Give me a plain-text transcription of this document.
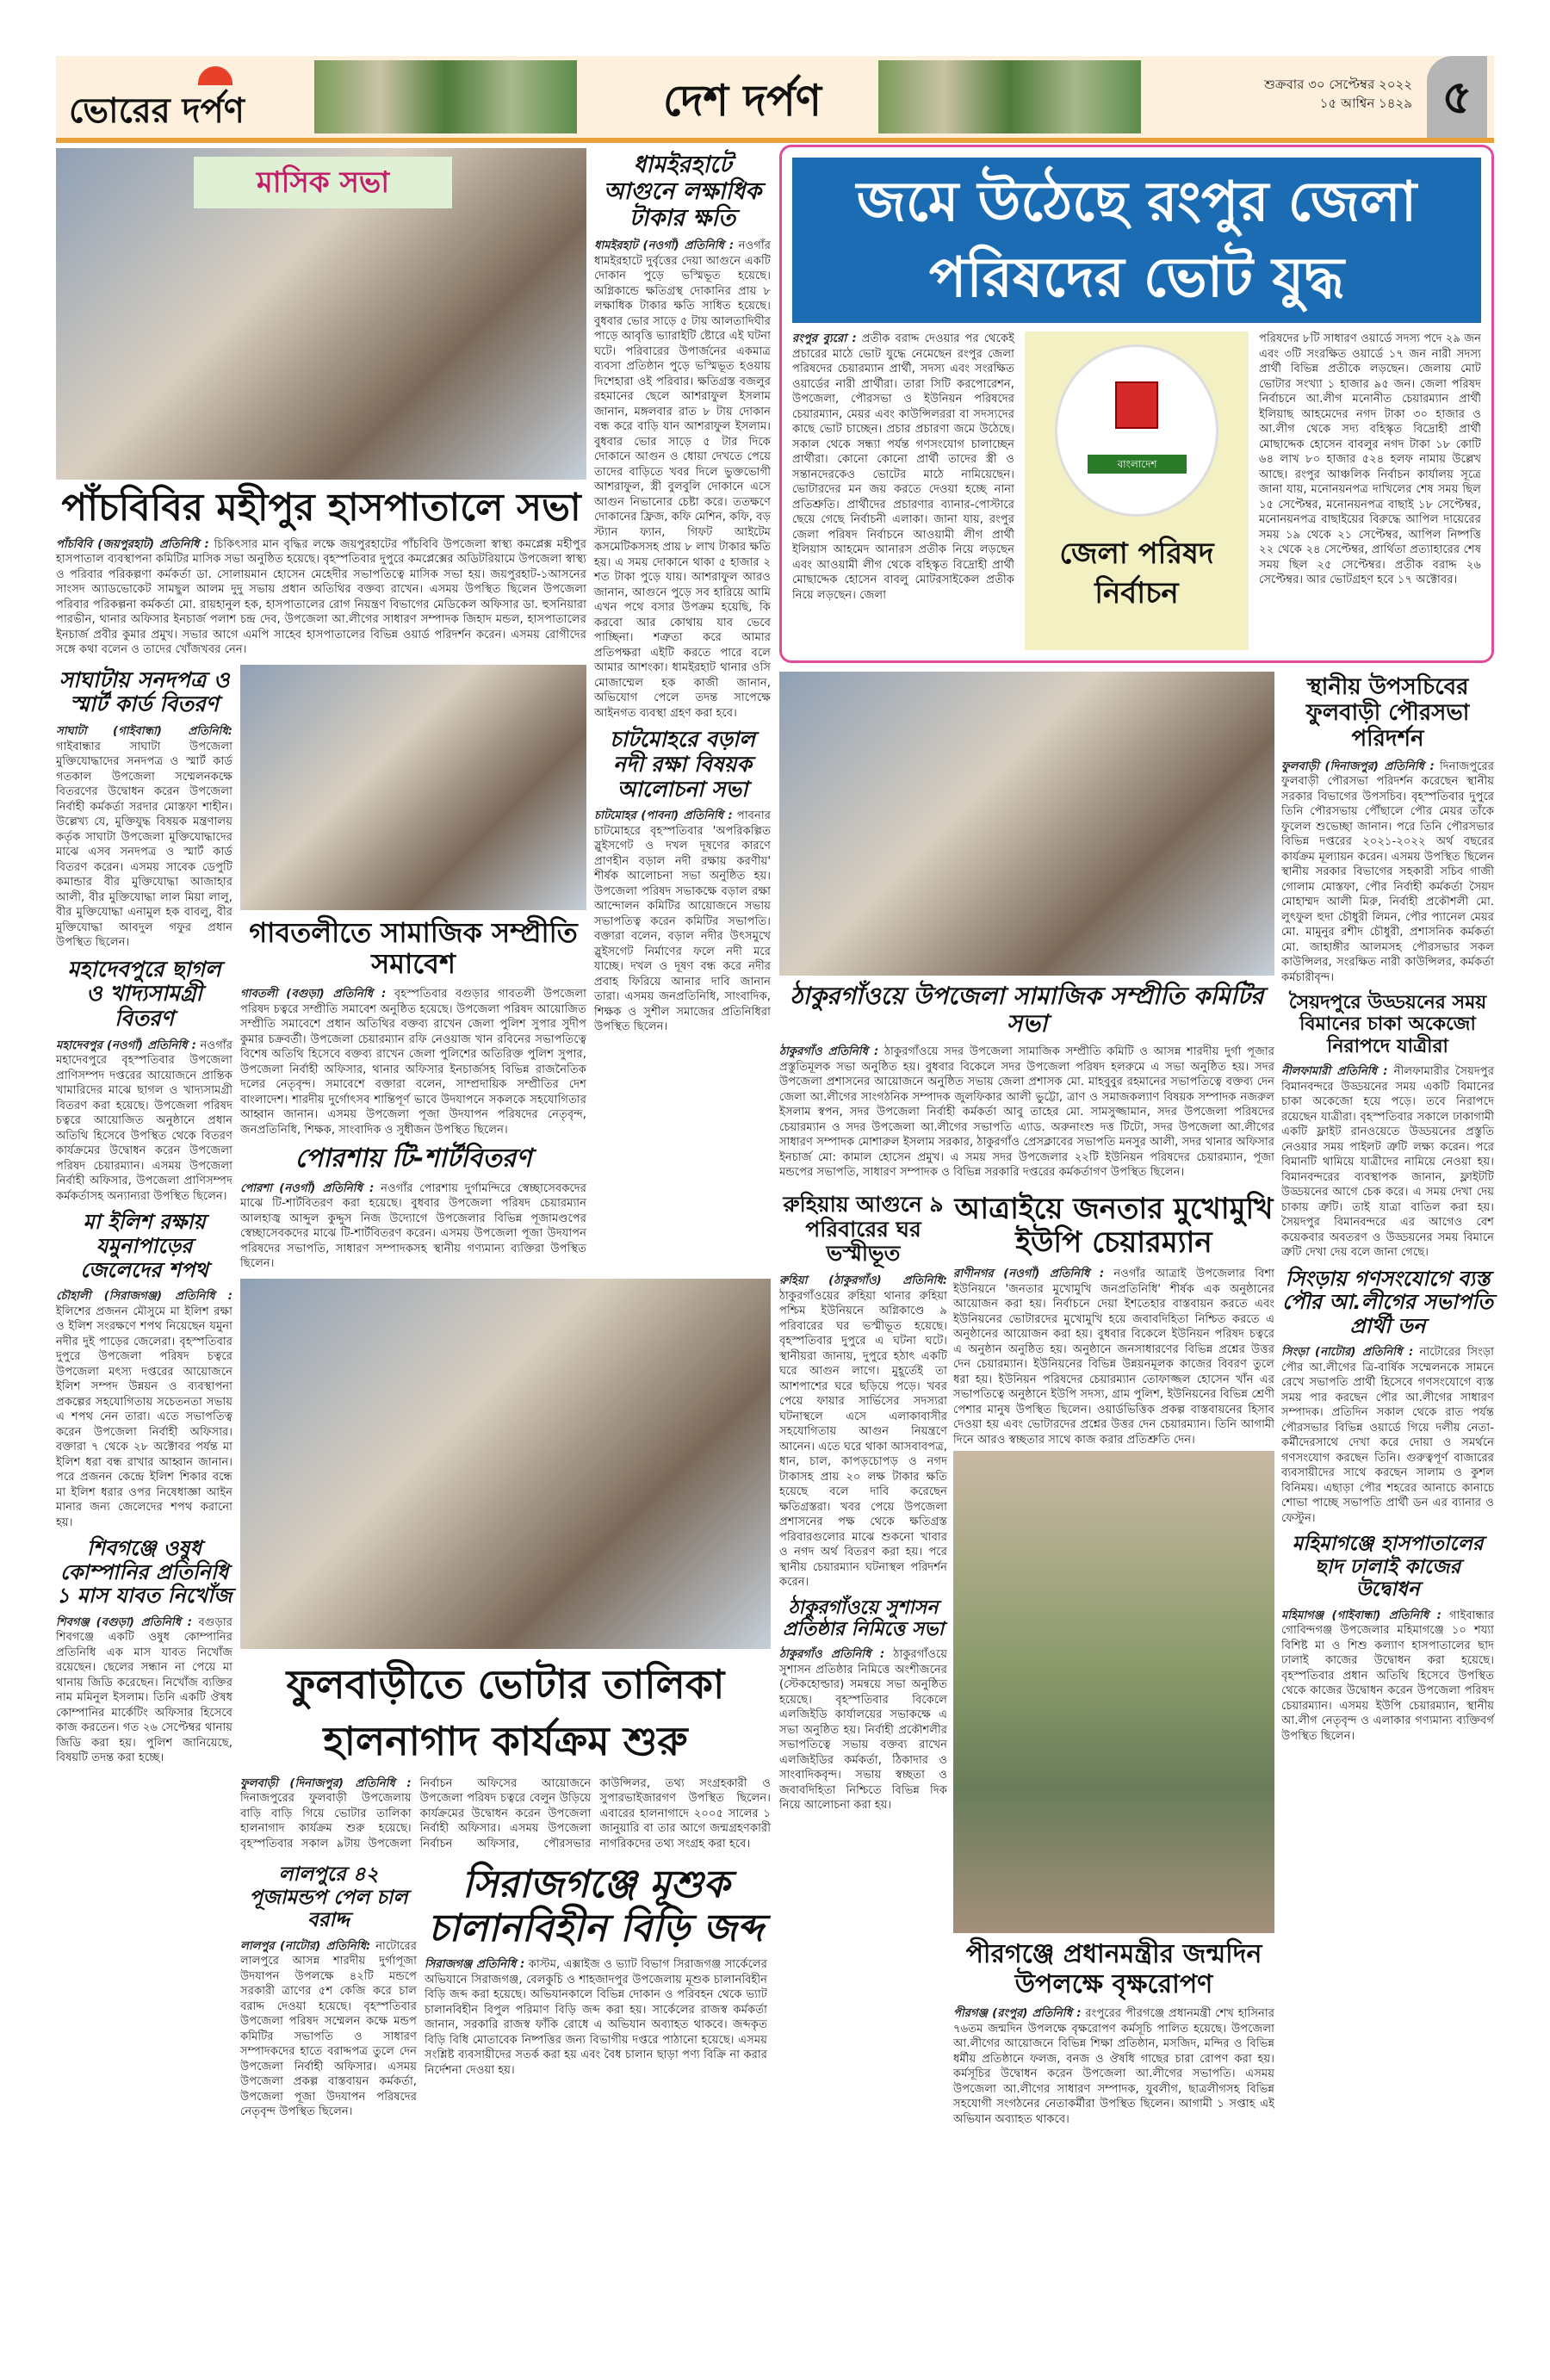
ভোরের দর্পণ	দেশ দর্পণ	শুক্রবার ৩০ সেপ্টেম্বর ২০২২
১৫ আশ্বিন ১৪২৯ ৫
মাসিক সভা
পাঁচবিবির মহীপুর হাসপাতালে সভা
পাঁচবিবি (জয়পুরহাট) প্রতিনিধি : চিকিৎসার মান বৃদ্ধির লক্ষে জয়পুরহাটের পাঁচবিবি উপজেলা স্বাস্থ্য কমপ্লেক্স মহীপুর হাসপাতাল ব্যবস্থাপনা কমিটির মাসিক সভা অনুষ্ঠিত হয়েছে। বৃহস্পতিবার দুপুরে কমপ্লেক্সের অডিটরিয়ামে উপজেলা স্বাস্থ্য ও পরিবার পরিকল্পণা কর্মকর্তা ডা. সোলায়মান হোসেন মেহেদীর সভাপতিত্বে মাসিক সভা হয়। জয়পুরহাট-১আসনের সাংসদ অ্যাডভোকেট সামছুল আলম দুদু সভায় প্রধান অতিথির বক্তব্য রাখেন। এসময় উপস্থিত ছিলেন উপজেলা পরিবার পরিকল্পনা কর্মকর্তা মো. রায়হানুল হক, হাসপাতালের রোগ নিয়ন্ত্রণ বিভাগের মেডিকেল অফিসার ডা. হুসনিয়ারা পারভীন, থানার অফিসার ইনচার্জ পলাশ চন্দ্র দেব, উপজেলা আ.লীগের সাধারণ সম্পাদক জিহাদ মন্ডল, হাসপাতালের ইনচার্জ প্রবীর কুমার প্রমুখ। সভার আগে এমপি সাহেব হাসপাতালের বিভিন্ন ওয়ার্ড পরিদর্শন করেন। এসময় রোগীদের সঙ্গে কথা বলেন ও তাদের খোঁজখবর নেন।
ধামইরহাটে আগুনে লক্ষাধিক টাকার ক্ষতি
ধামইরহাট (নওগাঁ) প্রতিনিধি : নওগাঁর ধামইরহাটে দুর্বৃত্তের দেয়া আগুনে একটি দোকান পুড়ে ভস্মিভূত হয়েছে। অগ্নিকান্ডে ক্ষতিগ্রস্থ দোকানির প্রায় ৮ লক্ষাধিক টাকার ক্ষতি সাধিত হয়েছে। বুধবার ভোর সাড়ে ৫ টায় আলতাদিঘীর পাড়ে আবৃত্তি ভ্যারাইটি ষ্টোরে এই ঘটনা ঘটে। পরিবারের উপার্জনের একমাত্র ব্যবসা প্রতিষ্ঠান পুড়ে ভস্মিভূত হওয়ায় দিশেহারা ওই পরিবার। ক্ষতিগ্রস্ত বজলুর রহমানের ছেলে আশরাফুল ইসলাম জানান, মঙ্গলবার রাত ৮ টায় দোকান বন্ধ করে বাড়ি যান আশরাফুল ইসলাম। বুধবার ভোর সাড়ে ৫ টার দিকে দোকানে আগুন ও ধোয়া দেখতে পেয়ে তাদের বাড়িতে খবর দিলে ভুক্তভোগী আশরাফুল, স্ত্রী বুলবুলি দোকানে এসে আগুন নিভানোর চেষ্টা করে। ততক্ষণে দোকানের ফ্রিজ, কফি মেশিন, কফি, বড় স্ট্যান ফ্যান, গিফট আইটেম কসমেটিকসসহ প্রায় ৮ লাখ টাকার ক্ষতি হয়। এ সময় দোকানে থাকা ৫ হাজার ২ শত টাকা পুড়ে যায়। আশরাফুল আরও জানান, আগুনে পুড়ে সব হারিয়ে আমি এখন পথে বসার উপক্রম হয়েছি, কি করবো আর কোথায় যাব ভেবে পাচ্ছিনা। শত্রুতা করে আমার প্রতিপক্ষরা এইটি করতে পারে বলে আমার আশংকা। ধামইরহাট থানার ওসি মোজাম্মেল হক কাজী জানান, অভিযোগ পেলে তদন্ত সাপেক্ষে আইনগত ব্যবস্থা গ্রহণ করা হবে।
চাটমোহরে বড়াল নদী রক্ষা বিষয়ক আলোচনা সভা
চাটমোহর (পাবনা) প্রতিনিধি : পাবনার চাটমোহরে বৃহস্পতিবার 'অপরিকল্পিত স্লুইসগেট ও দখল দূষণের কারণে প্রাণহীন বড়াল নদী রক্ষায় করণীয়' শীর্ষক আলোচনা সভা অনুষ্ঠিত হয়। উপজেলা পরিষদ সভাকক্ষে বড়াল রক্ষা আন্দোলন কমিটির আয়োজনে সভায় সভাপতিত্ব করেন কমিটির সভাপতি। বক্তারা বলেন, বড়াল নদীর উৎসমুখে স্লুইসগেট নির্মাণের ফলে নদী মরে যাচ্ছে। দখল ও দূষণ বন্ধ করে নদীর প্রবাহ ফিরিয়ে আনার দাবি জানান তারা। এসময় জনপ্রতিনিধি, সাংবাদিক, শিক্ষক ও সুশীল সমাজের প্রতিনিধিরা উপস্থিত ছিলেন।
সাঘাটায় সনদপত্র ও স্মার্ট কার্ড বিতরণ
সাঘাটা (গাইবান্ধা) প্রতিনিধি: গাইবান্ধার সাঘাটা উপজেলা মুক্তিযোদ্ধাদের সনদপত্র ও স্মার্ট কার্ড গতকাল উপজেলা সম্মেলনকক্ষে বিতরণের উদ্বোধন করেন উপজেলা নির্বাহী কর্মকর্তা সরদার মোস্তফা শাহীন। উল্লেখ্য যে, মুক্তিযুদ্ধ বিষয়ক মন্ত্রণালয় কর্তৃক সাঘাটা উপজেলা মুক্তিযোদ্ধাদের মাঝে এসব সনদপত্র ও স্মার্ট কার্ড বিতরণ করেন। এসময় সাবেক ডেপুটি কমান্ডার বীর মুক্তিযোদ্ধা আজাহার আলী, বীর মুক্তিযোদ্ধা লাল মিয়া লালু, বীর মুক্তিযোদ্ধা এনামুল হক বাবলু, বীর মুক্তিযোদ্ধা আবদুল গফুর প্রধান উপস্থিত ছিলেন।
মহাদেবপুরে ছাগল ও খাদ্যসামগ্রী বিতরণ
মহাদেবপুর (নওগাঁ) প্রতিনিধি : নওগাঁর মহাদেবপুরে বৃহস্পতিবার উপজেলা প্রাণিসম্পদ দপ্তরের আয়োজনে প্রান্তিক খামারিদের মাঝে ছাগল ও খাদ্যসামগ্রী বিতরণ করা হয়েছে। উপজেলা পরিষদ চত্বরে আয়োজিত অনুষ্ঠানে প্রধান অতিথি হিসেবে উপস্থিত থেকে বিতরণ কার্যক্রমের উদ্বোধন করেন উপজেলা পরিষদ চেয়ারম্যান। এসময় উপজেলা নির্বাহী অফিসার, উপজেলা প্রাণিসম্পদ কর্মকর্তাসহ অন্যান্যরা উপস্থিত ছিলেন।
মা ইলিশ রক্ষায় যমুনাপাড়ের জেলেদের শপথ
চৌহালী (সিরাজগঞ্জ) প্রতিনিধি : ইলিশের প্রজনন মৌসুমে মা ইলিশ রক্ষা ও ইলিশ সংরক্ষণে শপথ নিয়েছেন যমুনা নদীর দুই পাড়ের জেলেরা। বৃহস্পতিবার দুপুরে উপজেলা পরিষদ চত্বরে উপজেলা মৎস্য দপ্তরের আয়োজনে ইলিশ সম্পদ উন্নয়ন ও ব্যবস্থাপনা প্রকল্পের সহযোগিতায় সচেতনতা সভায় এ শপথ নেন তারা। এতে সভাপতিত্ব করেন উপজেলা নির্বাহী অফিসার। বক্তারা ৭ থেকে ২৮ অক্টোবর পর্যন্ত মা ইলিশ ধরা বন্ধ রাখার আহ্বান জানান। পরে প্রজনন কেন্দ্রে ইলিশ শিকার বন্ধে মা ইলিশ ধরার ওপর নিষেধাজ্ঞা আইন মানার জন্য জেলেদের শপথ করানো হয়।
শিবগঞ্জে ওষুধ কোম্পানির প্রতিনিধি ১ মাস যাবত নিখোঁজ
শিবগঞ্জ (বগুড়া) প্রতিনিধি : বগুড়ার শিবগঞ্জে একটি ওষুধ কোম্পানির প্রতিনিধি এক মাস যাবত নিখোঁজ রয়েছেন। ছেলের সন্ধান না পেয়ে মা থানায় জিডি করেছেন। নিখোঁজ ব্যক্তির নাম মমিনুল ইসলাম। তিনি একটি ঔষধ কোম্পানির মার্কেটিং অফিসার হিসেবে কাজ করতেন। গত ২৬ সেপ্টেম্বর থানায় জিডি করা হয়। পুলিশ জানিয়েছে, বিষয়টি তদন্ত করা হচ্ছে।
গাবতলীতে সামাজিক সম্প্রীতি সমাবেশ
গাবতলী (বগুড়া) প্রতিনিধি : বৃহস্পতিবার বগুড়ার গাবতলী উপজেলা পরিষদ চত্বরে সম্প্রীতি সমাবেশ অনুষ্ঠিত হয়েছে। উপজেলা পরিষদ আয়োজিত সম্প্রীতি সমাবেশে প্রধান অতিথির বক্তব্য রাখেন জেলা পুলিশ সুপার সুদীপ কুমার চক্রবর্তী। উপজেলা চেয়ারম্যান রফি নেওয়াজ খান রবিনের সভাপতিত্বে বিশেষ অতিথি হিসেবে বক্তব্য রাখেন জেলা পুলিশের অতিরিক্ত পুলিশ সুপার, উপজেলা নির্বাহী অফিসার, থানার অফিসার ইনচার্জসহ বিভিন্ন রাজনৈতিক দলের নেতৃবৃন্দ। সমাবেশে বক্তারা বলেন, সাম্প্রদায়িক সম্প্রীতির দেশ বাংলাদেশ। শারদীয় দুর্গোৎসব শান্তিপূর্ণ ভাবে উদযাপনে সকলকে সহযোগিতার আহ্বান জানান। এসময় উপজেলা পূজা উদযাপন পরিষদের নেতৃবৃন্দ, জনপ্রতিনিধি, শিক্ষক, সাংবাদিক ও সুধীজন উপস্থিত ছিলেন।
পোরশায় টি-শার্টবিতরণ
পোরশা (নওগাঁ) প্রতিনিধি : নওগাঁর পোরশায় দুর্গামন্দিরে স্বেচ্ছাসেবকদের মাঝে টি-শার্টবিতরণ করা হয়েছে। বুধবার উপজেলা পরিষদ চেয়ারম্যান আলহাজ্ব আব্দুল কুদ্দুস নিজ উদ্যোগে উপজেলার বিভিন্ন পূজামণ্ডপের স্বেচ্ছাসেবকদের মাঝে টি-শার্টবিতরণ করেন। এসময় উপজেলা পূজা উদযাপন পরিষদের সভাপতি, সাধারণ সম্পাদকসহ স্থানীয় গণ্যমান্য ব্যক্তিরা উপস্থিত ছিলেন।
ফুলবাড়ীতে ভোটার তালিকা হালনাগাদ কার্যক্রম শুরু
ফুলবাড়ী (দিনাজপুর) প্রতিনিধি : দিনাজপুরের ফুলবাড়ী উপজেলায় বাড়ি বাড়ি গিয়ে ভোটার তালিকা হালনাগাদ কার্যক্রম শুরু হয়েছে। বৃহস্পতিবার সকাল ৯টায় উপজেলা নির্বাচন অফিসের আয়োজনে উপজেলা পরিষদ চত্বরে বেলুন উড়িয়ে কার্যক্রমের উদ্বোধন করেন উপজেলা নির্বাহী অফিসার। এসময় উপজেলা নির্বাচন অফিসার, পৌরসভার কাউন্সিলর, তথ্য সংগ্রহকারী ও সুপারভাইজারগণ উপস্থিত ছিলেন। এবারের হালনাগাদে ২০০৫ সালের ১ জানুয়ারি বা তার আগে জন্মগ্রহণকারী নাগরিকদের তথ্য সংগ্রহ করা হবে।
লালপুরে ৪২ পূজামন্ডপ পেল চাল বরাদ্দ
লালপুর (নাটোর) প্রতিনিধি: নাটোরের লালপুরে আসন্ন শারদীয় দুর্গাপূজা উদযাপন উপলক্ষে ৪২টি মন্ডপে সরকারী ত্রাণের ৫শ কেজি করে চাল বরাদ্দ দেওয়া হয়েছে। বৃহস্পতিবার উপজেলা পরিষদ সম্মেলন কক্ষে মন্ডপ কমিটির সভাপতি ও সাধারণ সম্পাদকদের হাতে বরাদ্দপত্র তুলে দেন উপজেলা নির্বাহী অফিসার। এসময় উপজেলা প্রকল্প বাস্তবায়ন কর্মকর্তা, উপজেলা পূজা উদযাপন পরিষদের নেতৃবৃন্দ উপস্থিত ছিলেন।
সিরাজগঞ্জে মূশুক চালানবিহীন বিড়ি জব্দ
সিরাজগঞ্জ প্রতিনিধি : কাস্টম, এক্সাইজ ও ভ্যাট বিভাগ সিরাজগঞ্জ সার্কেলের অভিযানে সিরাজগঞ্জ, বেলকুচি ও শাহজাদপুর উপজেলায় মূশুক চালানবিহীন বিড়ি জব্দ করা হয়েছে। অভিযানকালে বিভিন্ন দোকান ও পরিবহন থেকে ভ্যাট চালানবিহীন বিপুল পরিমাণ বিড়ি জব্দ করা হয়। সার্কেলের রাজস্ব কর্মকর্তা জানান, সরকারি রাজস্ব ফাঁকি রোধে এ অভিযান অব্যাহত থাকবে। জব্দকৃত বিড়ি বিধি মোতাবেক নিষ্পত্তির জন্য বিভাগীয় দপ্তরে পাঠানো হয়েছে। এসময় সংশ্লিষ্ট ব্যবসায়ীদের সতর্ক করা হয় এবং বৈধ চালান ছাড়া পণ্য বিক্রি না করার নির্দেশনা দেওয়া হয়।
জমে উঠেছে রংপুর জেলা পরিষদের ভোট যুদ্ধ
রংপুর ব্যুরো : প্রতীক বরাদ্দ দেওয়ার পর থেকেই প্রচারের মাঠে ভোট যুদ্ধে নেমেছেন রংপুর জেলা পরিষদের চেয়ারম্যান প্রার্থী, সদস্য এবং সংরক্ষিত ওয়ার্ডের নারী প্রার্থীরা। তারা সিটি করপোরেশন, উপজেলা, পৌরসভা ও ইউনিয়ন পরিষদের চেয়ারম্যান, মেয়র এবং কাউন্সিলররা বা সদস্যদের কাছে ভোট চাচ্ছেন। প্রচার প্রচারণা জমে উঠেছে। সকাল থেকে সন্ধ্যা পর্যন্ত গণসংযোগ চালাচ্ছেন প্রার্থীরা। কোনো কোনো প্রার্থী তাদের স্ত্রী ও সন্তানদেরকেও ভোটের মাঠে নামিয়েছেন। ভোটারদের মন জয় করতে দেওয়া হচ্ছে নানা প্রতিশ্রুতি। প্রার্থীদের প্রচারণার ব্যানার-পোস্টারে ছেয়ে গেছে নির্বাচনী এলাকা। জানা যায়, রংপুর জেলা পরিষদ নির্বাচনে আওয়ামী লীগ প্রার্থী ইলিয়াস আহমেদ আনারস প্রতীক নিয়ে লড়ছেন এবং আওয়ামী লীগ থেকে বহিস্কৃত বিদ্রোহী প্রার্থী মোছাদ্দেক হোসেন বাবলু মোটরসাইকেল প্রতীক নিয়ে লড়ছেন। জেলা
বাংলাদেশ
জেলা পরিষদ নির্বাচন
পরিষদের ৮টি সাধারণ ওয়ার্ডে সদস্য পদে ২৯ জন এবং ৩টি সংরক্ষিত ওয়ার্ডে ১৭ জন নারী সদস্য প্রার্থী বিভিন্ন প্রতীকে লড়ছেন। জেলায় মোট ভোটার সংখ্যা ১ হাজার ৯৫ জন। জেলা পরিষদ নির্বাচনে আ.লীগ মনোনীত চেয়ারম্যান প্রার্থী ইলিয়াছ আহমেদের নগদ টাকা ৩০ হাজার ও আ.লীগ থেকে সদ্য বহিস্কৃত বিদ্রোহী প্রার্থী মোছাদ্দেক হোসেন বাবলুর নগদ টাকা ১৮ কোটি ৬৪ লাখ ৮০ হাজার ৫২৪ হলফ নামায় উল্লেখ আছে। রংপুর আঞ্চলিক নির্বাচন কার্যালয় সূত্রে জানা যায়, মনোনয়নপত্র দাখিলের শেষ সময় ছিল ১৫ সেপ্টেম্বর, মনোনয়নপত্র বাছাই ১৮ সেপ্টেম্বর, মনোনয়নপত্র বাছাইয়ের বিরুদ্ধে আপিল দায়েরের সময় ১৯ থেকে ২১ সেপ্টেম্বর, আপিল নিষ্পত্তি ২২ থেকে ২৪ সেপ্টেম্বর, প্রার্থিতা প্রত্যাহারের শেষ সময় ছিল ২৫ সেপ্টেম্বর। প্রতীক বরাদ্দ ২৬ সেপ্টেম্বর। আর ভোটগ্রহণ হবে ১৭ অক্টোবর।
ঠাকুরগাঁওয়ে উপজেলা সামাজিক সম্প্রীতি কমিটির সভা
ঠাকুরগাঁও প্রতিনিধি : ঠাকুরগাঁওয়ে সদর উপজেলা সামাজিক সম্প্রীতি কমিটি ও আসন্ন শারদীয় দুর্গা পূজার প্রস্তুতিমূলক সভা অনুষ্ঠিত হয়। বুধবার বিকেলে সদর উপজেলা পরিষদ হলরুমে এ সভা অনুষ্ঠিত হয়। সদর উপজেলা প্রশাসনের আয়োজনে অনুষ্ঠিত সভায় জেলা প্রশাসক মো. মাহবুবুর রহমানের সভাপতিত্বে বক্তব্য দেন জেলা আ.লীগের সাংগঠনিক সম্পাদক জুলফিকার আলী ভুট্টো, ত্রাণ ও সমাজকল্যাণ বিষয়ক সম্পাদক নজরুল ইসলাম স্বপন, সদর উপজেলা নির্বাহী কর্মকর্তা আবু তাহের মো. সামসুজ্জামান, সদর উপজেলা পরিষদের চেয়ারম্যান ও সদর উপজেলা আ.লীগের সভাপতি এ্যাড. অরুনাংশু দত্ত টিটো, সদর উপজেলা আ.লীগের সাধারণ সম্পাদক মোশারুল ইসলাম সরকার, ঠাকুরগাঁও প্রেসক্লাবের সভাপতি মনসুর আলী, সদর থানার অফিসার ইনচার্জ মো: কামাল হোসেন প্রমুখ। এ সময় সদর উপজেলার ২২টি ইউনিয়ন পরিষদের চেয়ারম্যান, পূজা মন্ডপের সভাপতি, সাধারণ সম্পাদক ও বিভিন্ন সরকারি দপ্তরের কর্মকর্তাগণ উপস্থিত ছিলেন।
রুহিয়ায় আগুনে ৯ পরিবারের ঘর ভস্মীভূত
রুহিয়া (ঠাকুরগাঁও) প্রতিনিধি: ঠাকুরগাঁওয়ের রুহিয়া থানার রুহিয়া পশ্চিম ইউনিয়নে অগ্নিকাণ্ডে ৯ পরিবারের ঘর ভস্মীভূত হয়েছে। বৃহস্পতিবার দুপুরে এ ঘটনা ঘটে। স্থানীয়রা জানায়, দুপুরে হঠাৎ একটি ঘরে আগুন লাগে। মুহূর্তেই তা আশপাশের ঘরে ছড়িয়ে পড়ে। খবর পেয়ে ফায়ার সার্ভিসের সদস্যরা ঘটনাস্থলে এসে এলাকাবাসীর সহযোগিতায় আগুন নিয়ন্ত্রণে আনেন। এতে ঘরে থাকা আসবাবপত্র, ধান, চাল, কাপড়চোপড় ও নগদ টাকাসহ প্রায় ২০ লক্ষ টাকার ক্ষতি হয়েছে বলে দাবি করেছেন ক্ষতিগ্রস্তরা। খবর পেয়ে উপজেলা প্রশাসনের পক্ষ থেকে ক্ষতিগ্রস্ত পরিবারগুলোর মাঝে শুকনো খাবার ও নগদ অর্থ বিতরণ করা হয়। পরে স্থানীয় চেয়ারম্যান ঘটনাস্থল পরিদর্শন করেন।
ঠাকুরগাঁওয়ে সুশাসন প্রতিষ্ঠার নিমিত্তে সভা
ঠাকুরগাঁও প্রতিনিধি : ঠাকুরগাঁওয়ে সুশাসন প্রতিষ্ঠার নিমিত্তে অংশীজনের (স্টেকহোল্ডার) সমন্বয়ে সভা অনুষ্ঠিত হয়েছে। বৃহস্পতিবার বিকেলে এলজিইডি কার্যালয়ের সভাকক্ষে এ সভা অনুষ্ঠিত হয়। নির্বাহী প্রকৌশলীর সভাপতিত্বে সভায় বক্তব্য রাখেন এলজিইডির কর্মকর্তা, ঠিকাদার ও সাংবাদিকবৃন্দ। সভায় স্বচ্ছতা ও জবাবদিহিতা নিশ্চিতে বিভিন্ন দিক নিয়ে আলোচনা করা হয়।
আত্রাইয়ে জনতার মুখোমুখি ইউপি চেয়ারম্যান
রাণীনগর (নওগাঁ) প্রতিনিধি : নওগাঁর আত্রাই উপজেলার বিশা ইউনিয়নে 'জনতার মুখোমুখি জনপ্রতিনিধি' শীর্ষক এক অনুষ্ঠানের আয়োজন করা হয়। নির্বাচনে দেয়া ইশতেহার বাস্তবায়ন করতে এবং ইউনিয়নের ভোটারদের মুখোমুখি হয়ে জবাবদিহিতা নিশ্চিত করতে এ অনুষ্ঠানের আয়োজন করা হয়। বুধবার বিকেলে ইউনিয়ন পরিষদ চত্বরে এ অনুষ্ঠান অনুষ্ঠিত হয়। অনুষ্ঠানে জনসাধারণের বিভিন্ন প্রশ্নের উত্তর দেন চেয়ারম্যান। ইউনিয়নের বিভিন্ন উন্নয়নমূলক কাজের বিবরণ তুলে ধরা হয়। ইউনিয়ন পরিষদের চেয়ারম্যান তোফাজ্জল হোসেন খাঁন এর সভাপতিত্বে অনুষ্ঠানে ইউপি সদস্য, গ্রাম পুলিশ, ইউনিয়নের বিভিন্ন শ্রেণী পেশার মানুষ উপস্থিত ছিলেন। ওয়ার্ডভিত্তিক প্রকল্প বাস্তবায়নের হিসাব দেওয়া হয় এবং ভোটারদের প্রশ্নের উত্তর দেন চেয়ারম্যান। তিনি আগামী দিনে আরও স্বচ্ছতার সাথে কাজ করার প্রতিশ্রুতি দেন।
পীরগঞ্জে প্রধানমন্ত্রীর জন্মদিন উপলক্ষে বৃক্ষরোপণ
পীরগঞ্জ (রংপুর) প্রতিনিধি : রংপুরের পীরগঞ্জে প্রধানমন্ত্রী শেখ হাসিনার ৭৬তম জন্মদিন উপলক্ষে বৃক্ষরোপণ কর্মসূচি পালিত হয়েছে। উপজেলা আ.লীগের আয়োজনে বিভিন্ন শিক্ষা প্রতিষ্ঠান, মসজিদ, মন্দির ও বিভিন্ন ধর্মীয় প্রতিষ্ঠানে ফলজ, বনজ ও ঔষধি গাছের চারা রোপণ করা হয়। কর্মসূচির উদ্বোধন করেন উপজেলা আ.লীগের সভাপতি। এসময় উপজেলা আ.লীগের সাধারণ সম্পাদক, যুবলীগ, ছাত্রলীগসহ বিভিন্ন সহযোগী সংগঠনের নেতাকর্মীরা উপস্থিত ছিলেন। আগামী ১ সপ্তাহ এই অভিযান অব্যাহত থাকবে।
স্থানীয় উপসচিবের ফুলবাড়ী পৌরসভা পরিদর্শন
ফুলবাড়ী (দিনাজপুর) প্রতিনিধি : দিনাজপুরের ফুলবাড়ী পৌরসভা পরিদর্শন করেছেন স্থানীয় সরকার বিভাগের উপসচিব। বৃহস্পতিবার দুপুরে তিনি পৌরসভায় পৌঁছালে পৌর মেয়র তাঁকে ফুলেল শুভেচ্ছা জানান। পরে তিনি পৌরসভার বিভিন্ন দপ্তরের ২০২১-২০২২ অর্থ বছরের কার্যক্রম মূল্যায়ন করেন। এসময় উপস্থিত ছিলেন স্থানীয় সরকার বিভাগের সহকারী সচিব গাজী গোলাম মোস্তফা, পৌর নির্বাহী কর্মকর্তা সৈয়দ মোহাম্মদ আলী মিরু, নির্বাহী প্রকৌশলী মো. লুৎফুল হুদা চৌধুরী লিমন, পৌর প্যানেল মেয়র মো. মামুনুর রশীদ চৌধুরী, প্রশাসনিক কর্মকর্তা মো. জাহাঙ্গীর আলমসহ পৌরসভার সকল কাউন্সিলর, সংরক্ষিত নারী কাউন্সিলর, কর্মকর্তা কর্মচারীবৃন্দ।
সৈয়দপুরে উড্ডয়নের সময় বিমানের চাকা অকেজো নিরাপদে যাত্রীরা
নীলফামারী প্রতিনিধি : নীলফামারীর সৈয়দপুর বিমানবন্দরে উড্ডয়নের সময় একটি বিমানের চাকা অকেজো হয়ে পড়ে। তবে নিরাপদে রয়েছেন যাত্রীরা। বৃহস্পতিবার সকালে ঢাকাগামী একটি ফ্লাইট রানওয়েতে উড্ডয়নের প্রস্তুতি নেওয়ার সময় পাইলট ত্রুটি লক্ষ্য করেন। পরে বিমানটি থামিয়ে যাত্রীদের নামিয়ে নেওয়া হয়। বিমানবন্দরের ব্যবস্থাপক জানান, ফ্লাইটটি উড্ডয়নের আগে চেক করে। এ সময় দেখা দেয় চাকায় ত্রুটি। তাই যাত্রা বাতিল করা হয়। সৈয়দপুর বিমানবন্দরে এর আগেও বেশ কয়েকবার অবতরণ ও উড্ডয়নের সময় বিমানে ত্রুটি দেখা দেয় বলে জানা গেছে।
সিংড়ায় গণসংযোগে ব্যস্ত পৌর আ.লীগের সভাপতি প্রার্থী ডন
সিংড়া (নাটোর) প্রতিনিধি : নাটোরের সিংড়া পৌর আ.লীগের ত্রি-বার্ষিক সম্মেলনকে সামনে রেখে সভাপতি প্রার্থী হিসেবে গণসংযোগে ব্যস্ত সময় পার করছেন পৌর আ.লীগের সাধারণ সম্পাদক। প্রতিদিন সকাল থেকে রাত পর্যন্ত পৌরসভার বিভিন্ন ওয়ার্ডে গিয়ে দলীয় নেতা-কর্মীদেরসাথে দেখা করে দোয়া ও সমর্থনে গণসংযোগ করছেন তিনি। গুরুত্বপূর্ণ বাজারের ব্যবসায়ীদের সাথে করছেন সালাম ও কুশল বিনিময়। এছাড়া পৌর শহরের আনাচে কানাচে শোভা পাচ্ছে সভাপতি প্রার্থী ডন এর ব্যানার ও ফেস্টুন।
মহিমাগঞ্জে হাসপাতালের ছাদ ঢালাই কাজের উদ্বোধন
মহিমাগঞ্জ (গাইবান্ধা) প্রতিনিধি : গাইবান্ধার গোবিন্দগঞ্জ উপজেলার মহিমাগঞ্জে ১০ শয্যা বিশিষ্ট মা ও শিশু কল্যাণ হাসপাতালের ছাদ ঢালাই কাজের উদ্বোধন করা হয়েছে। বৃহস্পতিবার প্রধান অতিথি হিসেবে উপস্থিত থেকে কাজের উদ্বোধন করেন উপজেলা পরিষদ চেয়ারম্যান। এসময় ইউপি চেয়ারম্যান, স্থানীয় আ.লীগ নেতৃবৃন্দ ও এলাকার গণ্যমান্য ব্যক্তিবর্গ উপস্থিত ছিলেন।
